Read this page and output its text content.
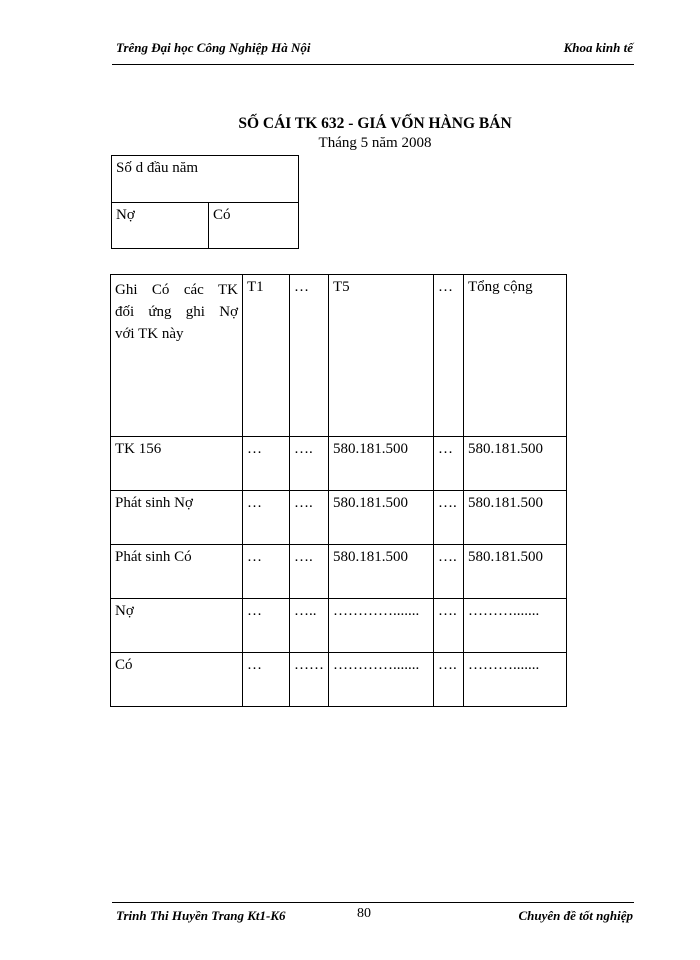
Trêng Đại học Công Nghiệp Hà Nội	Khoa kinh tế
SỐ CÁI TK 632 - GIÁ VỐN HÀNG BÁN
Tháng 5 năm 2008
Số d đầu năm
Nợ	Có
Ghi Có các TK
đối ứng ghi Nợ
với TK này	T1	…	T5	…	Tổng cộng
TK 156	…	….	580.181.500	…	580.181.500
Phát sinh Nợ	…	….	580.181.500	….	580.181.500
Phát sinh Có	…	….	580.181.500	….	580.181.500
Nợ	…	…..	………….......	….	……….......
Có	…	……	………….......	….	……….......
Trinh Thi Huyền Trang Kt1-K6	80	Chuyên đề tốt nghiệp
